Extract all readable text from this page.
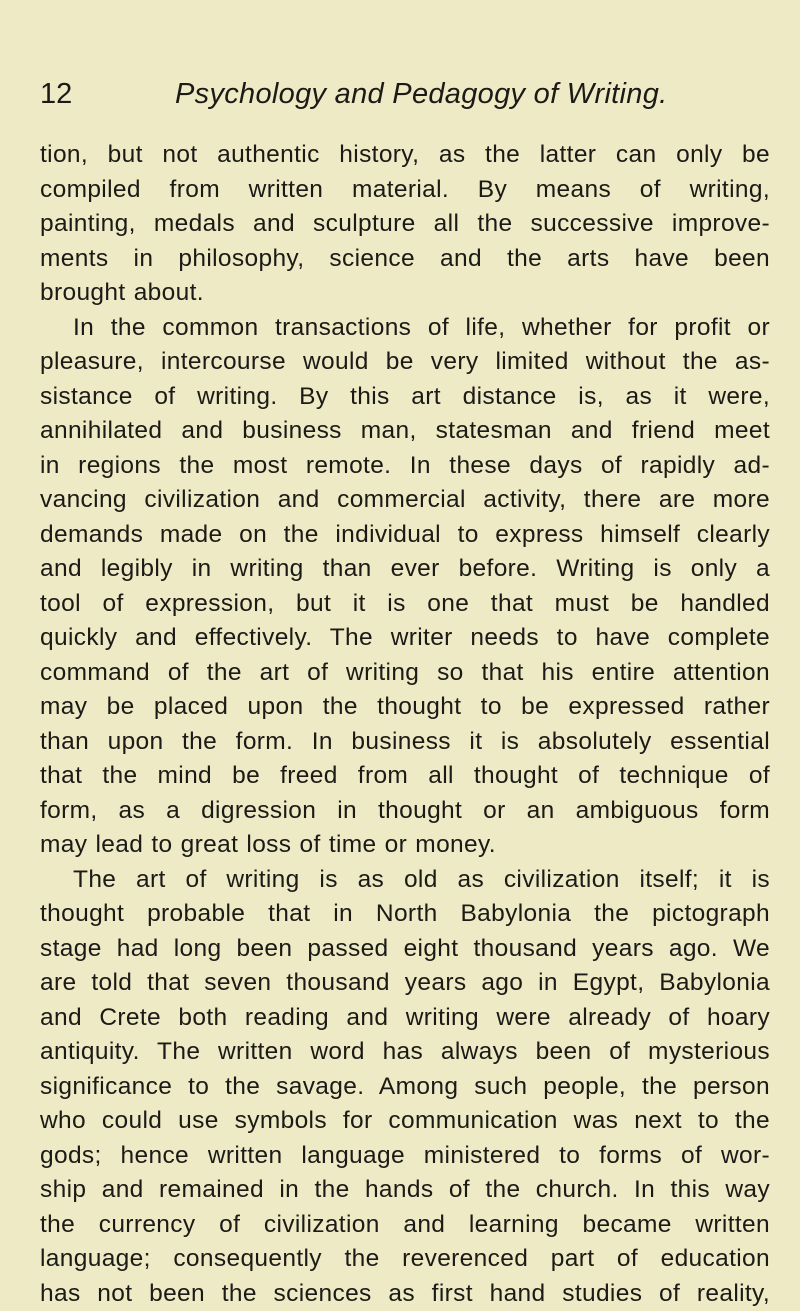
12	Psychology and Pedagogy of Writing.
tion, but not authentic history, as the latter can only be
compiled from written material. By means of writing,
painting, medals and sculpture all the successive improve-
ments in philosophy, science and the arts have been
brought about.
In the common transactions of life, whether for profit or
pleasure, intercourse would be very limited without the as-
sistance of writing. By this art distance is, as it were,
annihilated and business man, statesman and friend meet
in regions the most remote. In these days of rapidly ad-
vancing civilization and commercial activity, there are more
demands made on the individual to express himself clearly
and legibly in writing than ever before. Writing is only a
tool of expression, but it is one that must be handled
quickly and effectively. The writer needs to have complete
command of the art of writing so that his entire attention
may be placed upon the thought to be expressed rather
than upon the form. In business it is absolutely essential
that the mind be freed from all thought of technique of
form, as a digression in thought or an ambiguous form
may lead to great loss of time or money.
The art of writing is as old as civilization itself; it is
thought probable that in North Babylonia the pictograph
stage had long been passed eight thousand years ago. We
are told that seven thousand years ago in Egypt, Babylonia
and Crete both reading and writing were already of hoary
antiquity. The written word has always been of mysterious
significance to the savage. Among such people, the person
who could use symbols for communication was next to the
gods; hence written language ministered to forms of wor-
ship and remained in the hands of the church. In this way
the currency of civilization and learning became written
language; consequently the reverenced part of education
has not been the sciences as first hand studies of reality,
